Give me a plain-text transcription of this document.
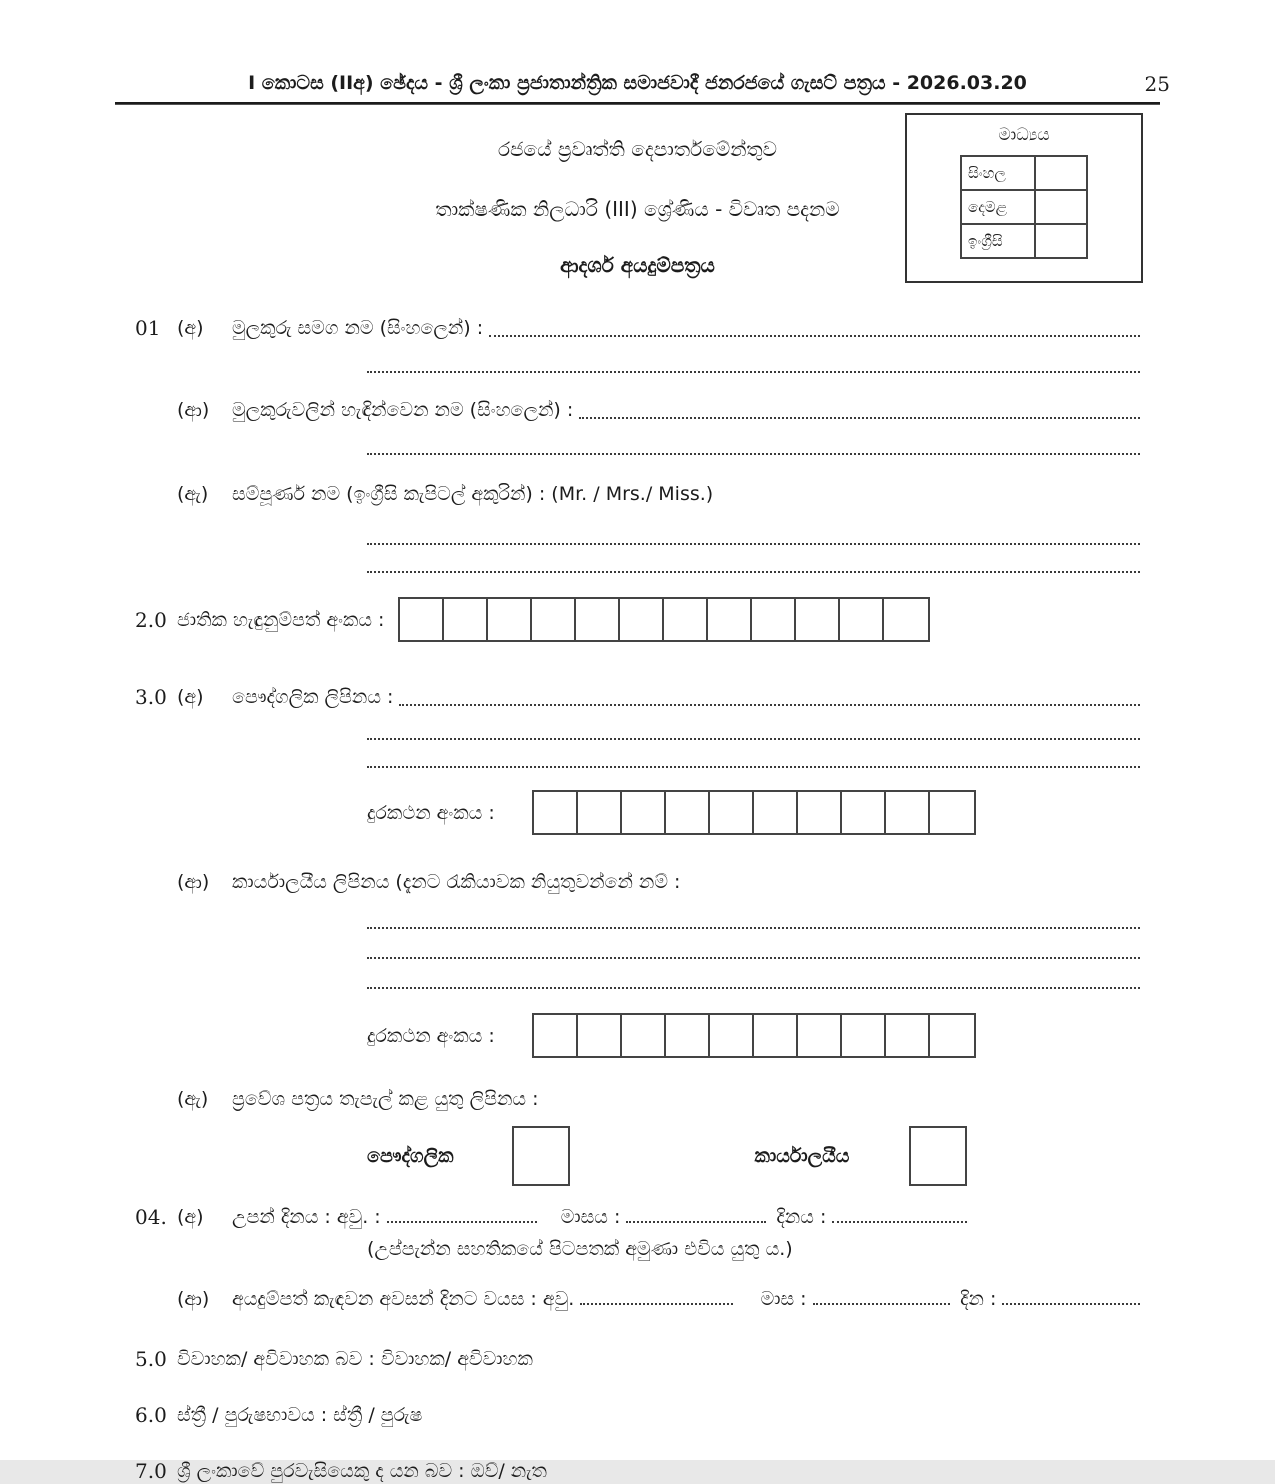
I කොටස (IIඅ) ඡේදය - ශ්‍රී ලංකා ප්‍රජාතාන්ත්‍රික සමාජවාදී ජනරජයේ ගැසට් පත්‍රය - 2026.03.20	25
මාධ්‍යය
සිංහල	
දෙමළ	
ඉංග්‍රීසි	
රජයේ ප්‍රවෘත්ති දෙපාර්තමේන්තුව
තාක්ෂණික නිලධාරි (III) ශ්‍රේණිය - විවෘත පදනම
ආදර්ශ අයදුම්පත්‍රය
01 (අ)	මුලකුරු සමග නම (සිංහලෙන්) :
(ආ)	මුලකුරුවලින් හැඳින්වෙන නම (සිංහලෙන්) :
(ඇ)	සම්පූර්ණ නම (ඉංග්‍රීසි කැපිටල් අකුරින්) : (Mr. / Mrs./ Miss.)
2.0 ජාතික හැඳුනුම්පත් අංකය :
3.0 (අ)	පෞද්ගලික ලිපිනය :
දුරකථන අංකය :
(ආ)	කාර්යාලයීය ලිපිනය (දැනට රැකියාවක නියුතුවන්නේ නම් :
දුරකථන අංකය :
(ඇ)	ප්‍රවේශ පත්‍රය තැපැල් කළ යුතු ලිපිනය :
පෞද්ගලික	කාර්යාලයීය
04. (අ)	උපන් දිනය : අවු. :	මාසය :	දිනය :
(උප්පැන්න සහතිකයේ පිටපතක් අමුණා එවිය යුතු ය.)
(ආ)	අයදුම්පත් කැඳවන අවසන් දිනට වයස : අවු.	මාස :	දින :
5.0 විවාහක/ අවිවාහක බව : විවාහක/ අවිවාහක
6.0 ස්ත්‍රී / පුරුෂභාවය : ස්ත්‍රී / පුරුෂ
7.0 ශ්‍රී ලංකාවේ පුරවැසියෙකු ද යන බව : ඔව්/ නැත
